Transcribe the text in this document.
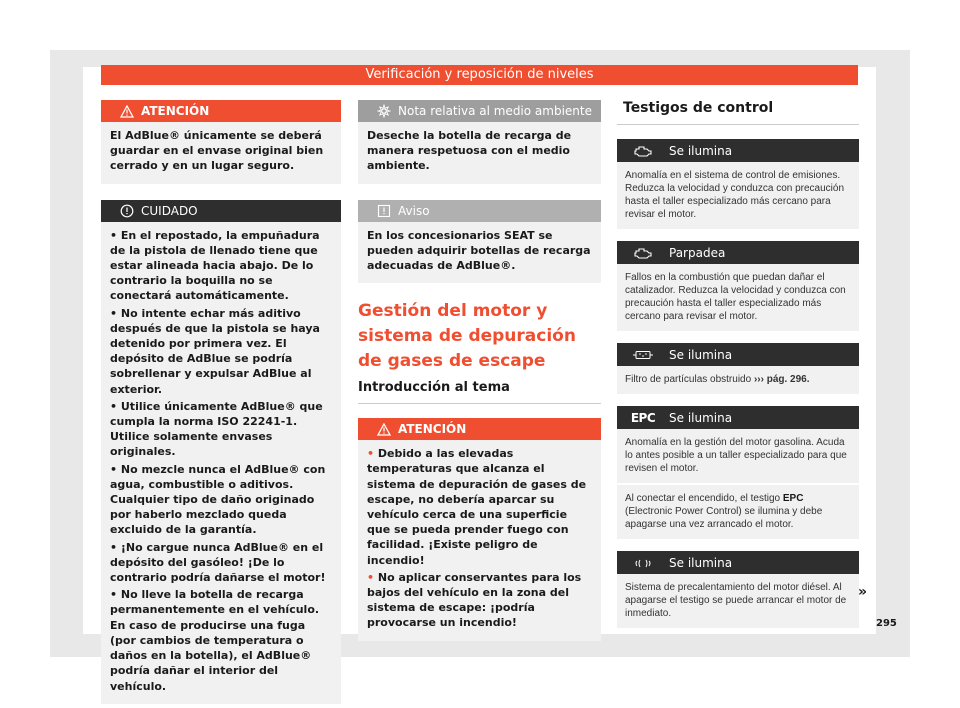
Verificación y reposición de niveles
ATENCIÓN

El AdBlue® únicamente se deberá guardar en el envase original bien cerrado y en un lugar seguro.

CUIDADO

• En el repostado, la empuñadura de la pistola de llenado tiene que estar alineada hacia abajo. De lo contrario la boquilla no se conectará automáticamente.

• No intente echar más aditivo después de que la pistola se haya detenido por primera vez. El depósito de AdBlue se podría sobrellenar y expulsar AdBlue al exterior.

• Utilice únicamente AdBlue® que cumpla la norma ISO 22241-1. Utilice solamente envases originales.

• No mezcle nunca el AdBlue® con agua, combustible o aditivos. Cualquier tipo de daño originado por haberlo mezclado queda excluido de la garantía.

• ¡No cargue nunca AdBlue® en el depósito del gasóleo! ¡De lo contrario podría dañarse el motor!

• No lleve la botella de recarga permanentemente en el vehículo. En caso de producirse una fuga (por cambios de temperatura o daños en la botella), el AdBlue® podría dañar el interior del vehículo.

Nota relativa al medio ambiente

Deseche la botella de recarga de manera respetuosa con el medio ambiente.

Aviso

En los concesionarios SEAT se pueden adquirir botellas de recarga adecuadas de AdBlue®.

Gestión del motor y sistema de depuración de gases de escape
Introducción al tema
ATENCIÓN

• Debido a las elevadas temperaturas que alcanza el sistema de depuración de gases de escape, no debería aparcar su vehículo cerca de una superficie que se pueda prender fuego con facilidad. ¡Existe peligro de incendio!

• No aplicar conservantes para los bajos del vehículo en la zona del sistema de escape: ¡podría provocarse un incendio!

Testigos de control
Se ilumina
Anomalía en el sistema de control de emisiones. Reduzca la velocidad y conduzca con precaución hasta el taller especializado más cercano para revisar el motor.
Parpadea
Fallos en la combustión que puedan dañar el catalizador. Reduzca la velocidad y conduzca con precaución hasta el taller especializado más cercano para revisar el motor.
Se ilumina
Filtro de partículas obstruido ››› pág. 296.
EPC Se ilumina
Anomalía en la gestión del motor gasolina. Acuda lo antes posible a un taller especializado para que revisen el motor.
Al conectar el encendido, el testigo EPC (Electronic Power Control) se ilumina y debe apagarse una vez arrancado el motor.
Se ilumina
Sistema de precalentamiento del motor diésel. Al apagarse el testigo se puede arrancar el motor de inmediato.
»
295
